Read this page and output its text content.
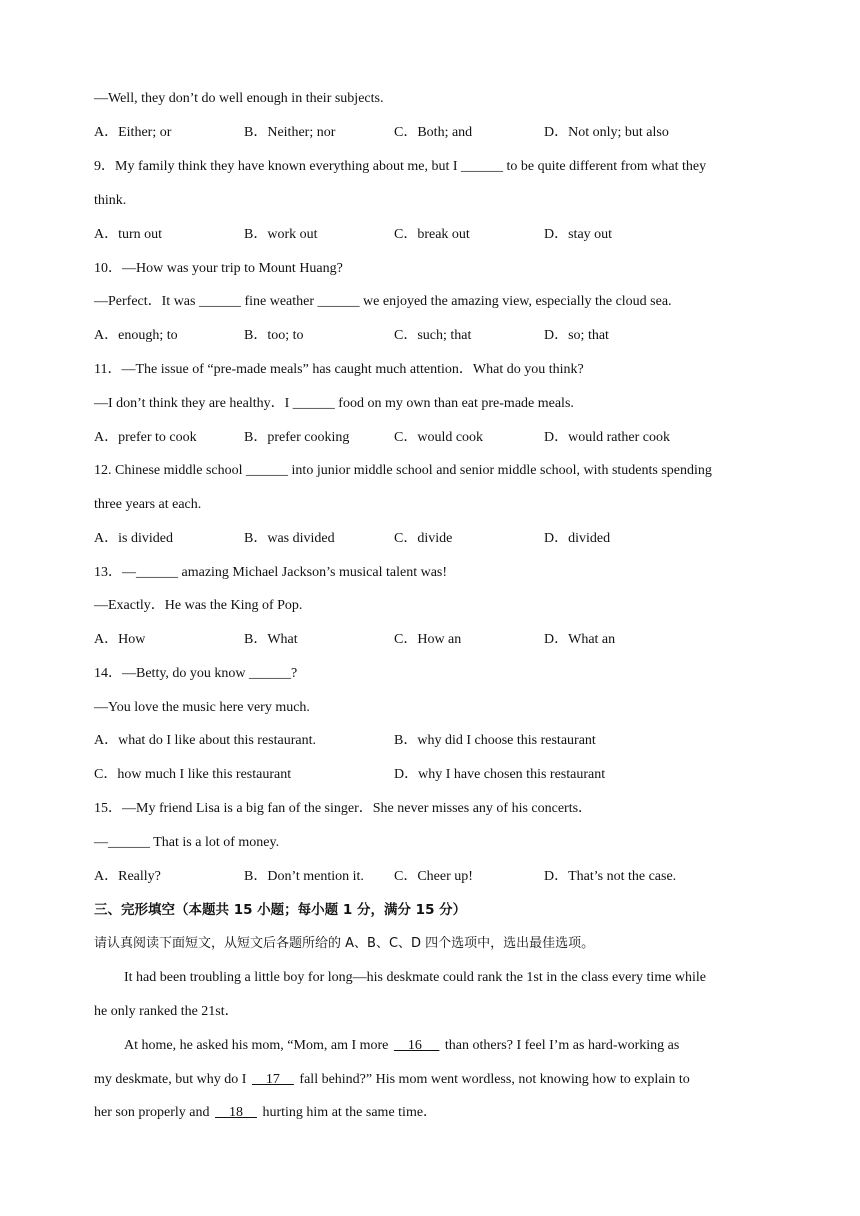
—Well, they don’t do well enough in their subjects.
A．Either; or	B．Neither; nor	C．Both; and	D．Not only; but also
9．My family think they have known everything about me, but I ______ to be quite different from what they
think.
A．turn out	B．work out	C．break out	D．stay out
10．—How was your trip to Mount Huang?
—Perfect．It was ______ fine weather ______ we enjoyed the amazing view, especially the cloud sea.
A．enough; to	B．too; to	C．such; that	D．so; that
11．—The issue of “pre-made meals” has caught much attention．What do you think?
—I don’t think they are healthy．I ______ food on my own than eat pre-made meals.
A．prefer to cook	B．prefer cooking	C．would cook	D．would rather cook
12. Chinese middle school ______ into junior middle school and senior middle school, with students spending
three years at each.
A．is divided	B．was divided	C．divide	D．divided
13．—______ amazing Michael Jackson’s musical talent was!
—Exactly．He was the King of Pop.
A．How	B．What	C．How an	D．What an
14．—Betty, do you know ______?
—You love the music here very much.
A．what do I like about this restaurant.	B．why did I choose this restaurant
C．how much I like this restaurant	D．why I have chosen this restaurant
15．—My friend Lisa is a big fan of the singer．She never misses any of his concerts．
—______ That is a lot of money.
A．Really?	B．Don’t mention it. C．Cheer up!	D．That’s not the case.
三、完形填空（本题共 15 小题；每小题 1 分，满分 15 分）
请认真阅读下面短文，从短文后各题所给的 A、B、C、D 四个选项中，选出最佳选项。
It had been troubling a little boy for long—his deskmate could rank the 1st in the class every time while
he only ranked the 21st．
At home, he asked his mom, “Mom, am I more     16      than others? I feel I’m as hard-working as
my deskmate, but why do I     17     fall behind?” His mom went wordless, not knowing how to explain to
her son properly and     18     hurting him at the same time．
